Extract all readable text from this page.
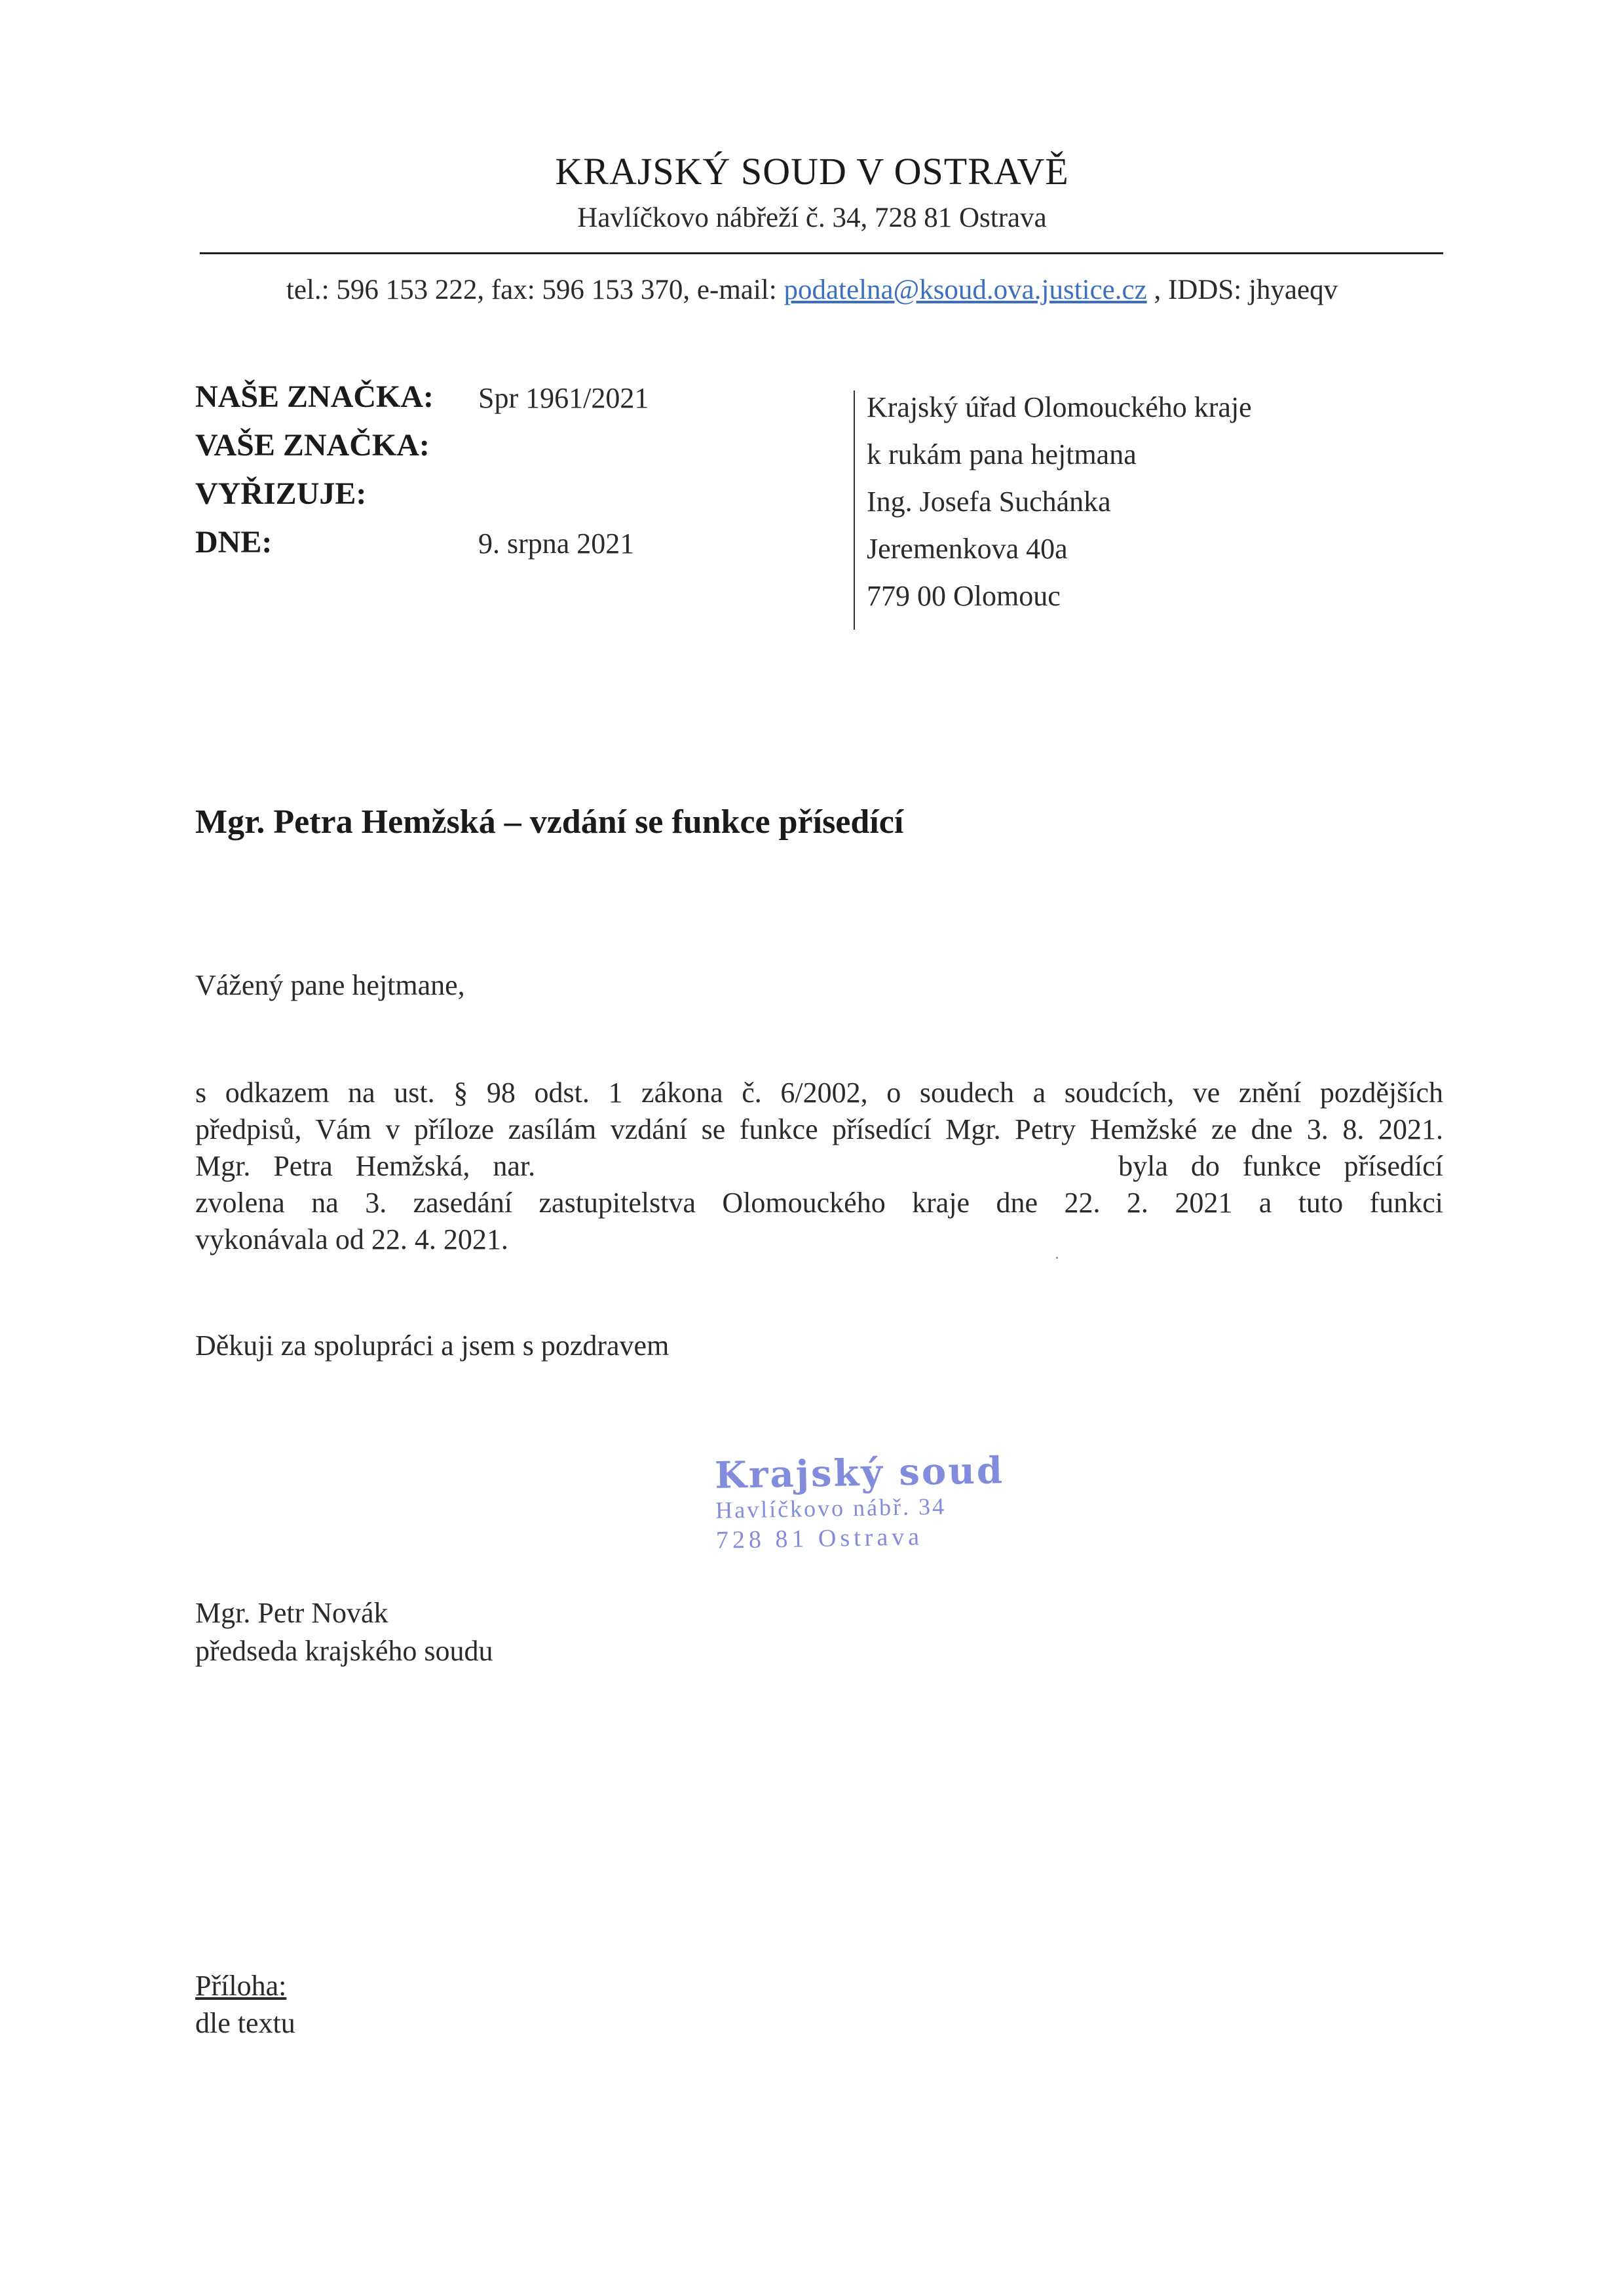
KRAJSKÝ SOUD V OSTRAVĚ
Havlíčkovo nábřeží č. 34, 728 81 Ostrava
tel.: 596 153 222, fax: 596 153 370, e-mail: podatelna@ksoud.ova.justice.cz , IDDS: jhyaeqv
NAŠE ZNAČKA: Spr 1961/2021
VAŠE ZNAČKA:
VYŘIZUJE:
DNE:	9. srpna 2021
Krajský úřad Olomouckého kraje
k rukám pana hejtmana
Ing. Josefa Suchánka
Jeremenkova 40a
779 00 Olomouc
Mgr. Petra Hemžská – vzdání se funkce přísedící
Vážený pane hejtmane,

s odkazem na ust. § 98 odst. 1 zákona č. 6/2002, o soudech a soudcích, ve znění pozdějších

předpisů, Vám v příloze zasílám vzdání se funkce přísedící Mgr. Petry Hemžské ze dne 3. 8. 2021.

Mgr. Petra Hemžská, nar.	byla do funkce přísedící

zvolena na 3. zasedání zastupitelstva Olomouckého kraje dne 22. 2. 2021 a tuto funkci

vykonávala od 22. 4. 2021.

Děkuji za spolupráci a jsem s pozdravem
Krajský soud
Havlíčkovo nábř. 34
728 81 Ostrava
Mgr. Petr Novák
předseda krajského soudu
Příloha:
dle textu
